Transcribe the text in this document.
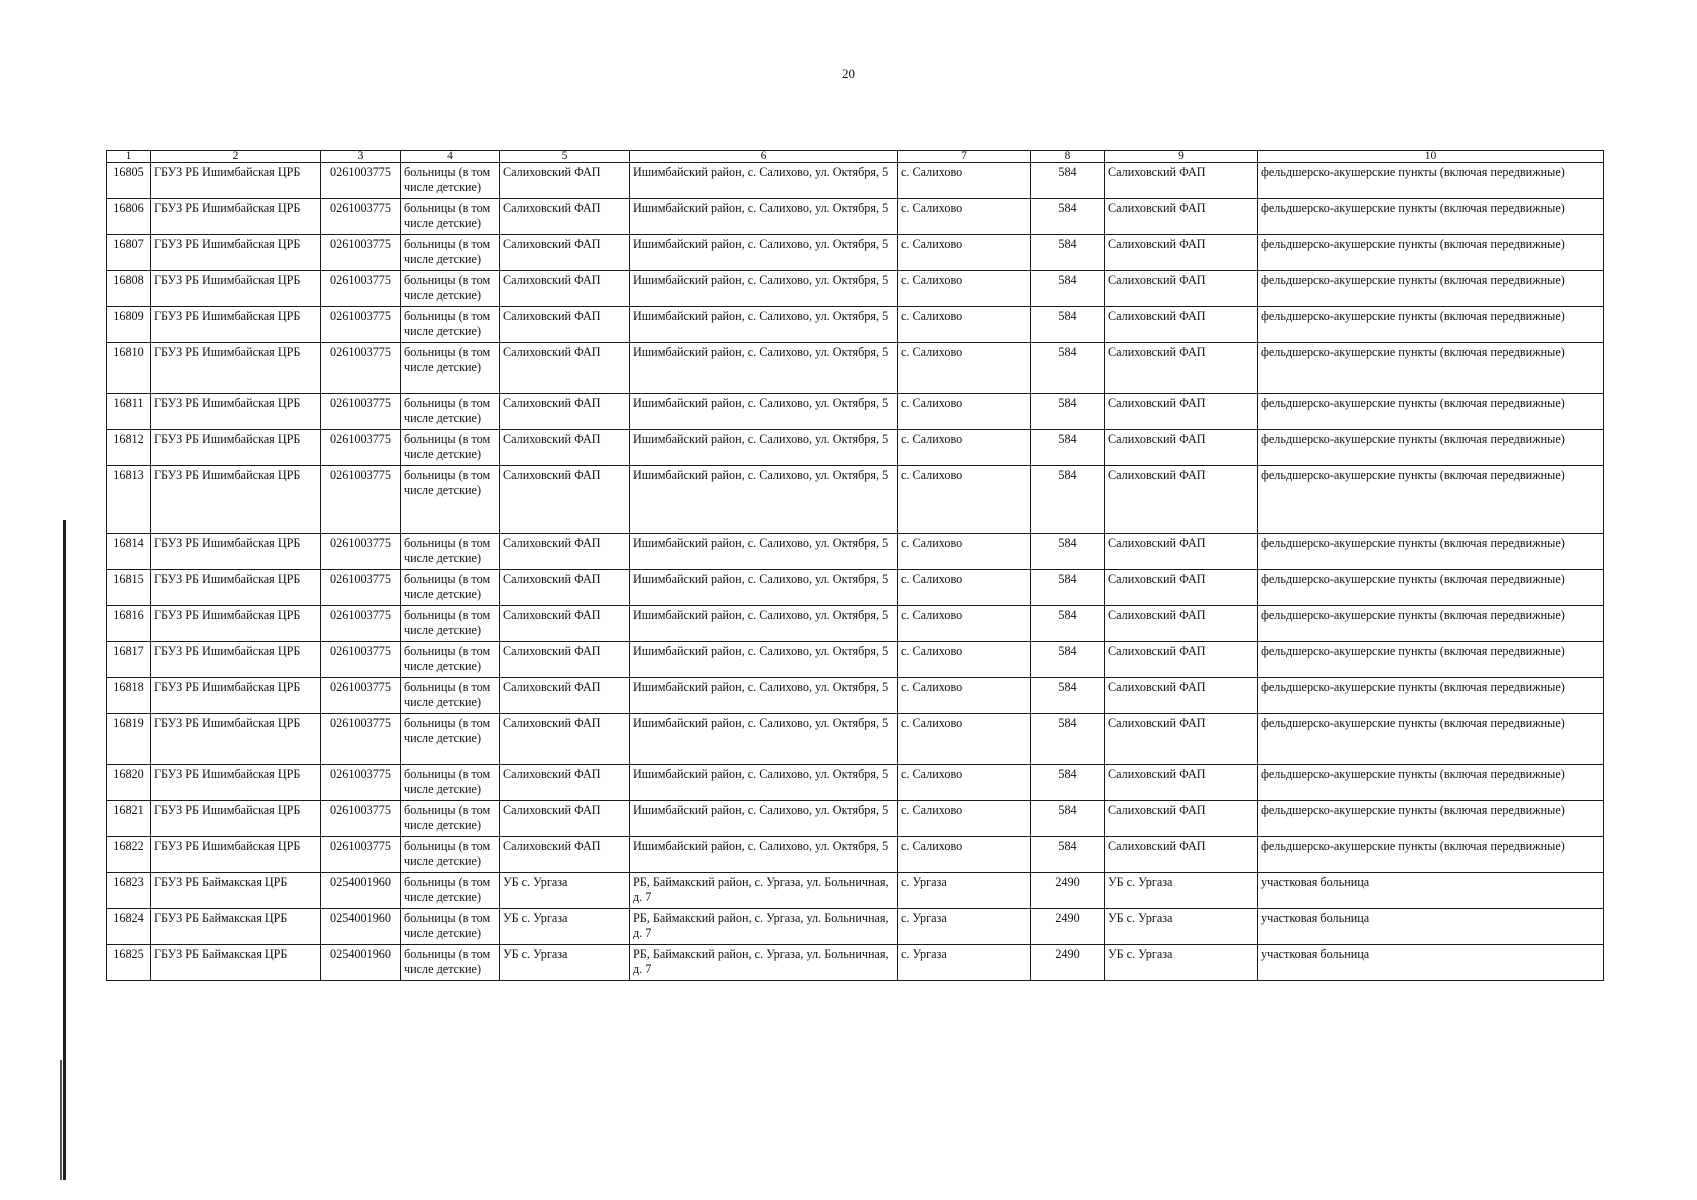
20
1	2	3	4	5	6	7	8	9	10
16805	ГБУЗ РБ Ишимбайская ЦРБ	0261003775	больницы (в том числе детские)	Салиховский ФАП	Ишимбайский район, с. Салихово, ул. Октября, 5	с. Салихово	584	Салиховский ФАП	фельдшерско-акушерские пункты (включая передвижные)
16806	ГБУЗ РБ Ишимбайская ЦРБ	0261003775	больницы (в том числе детские)	Салиховский ФАП	Ишимбайский район, с. Салихово, ул. Октября, 5	с. Салихово	584	Салиховский ФАП	фельдшерско-акушерские пункты (включая передвижные)
16807	ГБУЗ РБ Ишимбайская ЦРБ	0261003775	больницы (в том числе детские)	Салиховский ФАП	Ишимбайский район, с. Салихово, ул. Октября, 5	с. Салихово	584	Салиховский ФАП	фельдшерско-акушерские пункты (включая передвижные)
16808	ГБУЗ РБ Ишимбайская ЦРБ	0261003775	больницы (в том числе детские)	Салиховский ФАП	Ишимбайский район, с. Салихово, ул. Октября, 5	с. Салихово	584	Салиховский ФАП	фельдшерско-акушерские пункты (включая передвижные)
16809	ГБУЗ РБ Ишимбайская ЦРБ	0261003775	больницы (в том числе детские)	Салиховский ФАП	Ишимбайский район, с. Салихово, ул. Октября, 5	с. Салихово	584	Салиховский ФАП	фельдшерско-акушерские пункты (включая передвижные)
16810	ГБУЗ РБ Ишимбайская ЦРБ	0261003775	больницы (в том числе детские)	Салиховский ФАП	Ишимбайский район, с. Салихово, ул. Октября, 5	с. Салихово	584	Салиховский ФАП	фельдшерско-акушерские пункты (включая передвижные)
16811	ГБУЗ РБ Ишимбайская ЦРБ	0261003775	больницы (в том числе детские)	Салиховский ФАП	Ишимбайский район, с. Салихово, ул. Октября, 5	с. Салихово	584	Салиховский ФАП	фельдшерско-акушерские пункты (включая передвижные)
16812	ГБУЗ РБ Ишимбайская ЦРБ	0261003775	больницы (в том числе детские)	Салиховский ФАП	Ишимбайский район, с. Салихово, ул. Октября, 5	с. Салихово	584	Салиховский ФАП	фельдшерско-акушерские пункты (включая передвижные)
16813	ГБУЗ РБ Ишимбайская ЦРБ	0261003775	больницы (в том числе детские)	Салиховский ФАП	Ишимбайский район, с. Салихово, ул. Октября, 5	с. Салихово	584	Салиховский ФАП	фельдшерско-акушерские пункты (включая передвижные)
16814	ГБУЗ РБ Ишимбайская ЦРБ	0261003775	больницы (в том числе детские)	Салиховский ФАП	Ишимбайский район, с. Салихово, ул. Октября, 5	с. Салихово	584	Салиховский ФАП	фельдшерско-акушерские пункты (включая передвижные)
16815	ГБУЗ РБ Ишимбайская ЦРБ	0261003775	больницы (в том числе детские)	Салиховский ФАП	Ишимбайский район, с. Салихово, ул. Октября, 5	с. Салихово	584	Салиховский ФАП	фельдшерско-акушерские пункты (включая передвижные)
16816	ГБУЗ РБ Ишимбайская ЦРБ	0261003775	больницы (в том числе детские)	Салиховский ФАП	Ишимбайский район, с. Салихово, ул. Октября, 5	с. Салихово	584	Салиховский ФАП	фельдшерско-акушерские пункты (включая передвижные)
16817	ГБУЗ РБ Ишимбайская ЦРБ	0261003775	больницы (в том числе детские)	Салиховский ФАП	Ишимбайский район, с. Салихово, ул. Октября, 5	с. Салихово	584	Салиховский ФАП	фельдшерско-акушерские пункты (включая передвижные)
16818	ГБУЗ РБ Ишимбайская ЦРБ	0261003775	больницы (в том числе детские)	Салиховский ФАП	Ишимбайский район, с. Салихово, ул. Октября, 5	с. Салихово	584	Салиховский ФАП	фельдшерско-акушерские пункты (включая передвижные)
16819	ГБУЗ РБ Ишимбайская ЦРБ	0261003775	больницы (в том числе детские)	Салиховский ФАП	Ишимбайский район, с. Салихово, ул. Октября, 5	с. Салихово	584	Салиховский ФАП	фельдшерско-акушерские пункты (включая передвижные)
16820	ГБУЗ РБ Ишимбайская ЦРБ	0261003775	больницы (в том числе детские)	Салиховский ФАП	Ишимбайский район, с. Салихово, ул. Октября, 5	с. Салихово	584	Салиховский ФАП	фельдшерско-акушерские пункты (включая передвижные)
16821	ГБУЗ РБ Ишимбайская ЦРБ	0261003775	больницы (в том числе детские)	Салиховский ФАП	Ишимбайский район, с. Салихово, ул. Октября, 5	с. Салихово	584	Салиховский ФАП	фельдшерско-акушерские пункты (включая передвижные)
16822	ГБУЗ РБ Ишимбайская ЦРБ	0261003775	больницы (в том числе детские)	Салиховский ФАП	Ишимбайский район, с. Салихово, ул. Октября, 5	с. Салихово	584	Салиховский ФАП	фельдшерско-акушерские пункты (включая передвижные)
16823	ГБУЗ РБ Баймакская ЦРБ	0254001960	больницы (в том числе детские)	УБ с. Ургаза	РБ, Баймакский район, с. Ургаза, ул. Больничная, д. 7	с. Ургаза	2490	УБ с. Ургаза	участковая больница
16824	ГБУЗ РБ Баймакская ЦРБ	0254001960	больницы (в том числе детские)	УБ с. Ургаза	РБ, Баймакский район, с. Ургаза, ул. Больничная, д. 7	с. Ургаза	2490	УБ с. Ургаза	участковая больница
16825	ГБУЗ РБ Баймакская ЦРБ	0254001960	больницы (в том числе детские)	УБ с. Ургаза	РБ, Баймакский район, с. Ургаза, ул. Больничная, д. 7	с. Ургаза	2490	УБ с. Ургаза	участковая больница
